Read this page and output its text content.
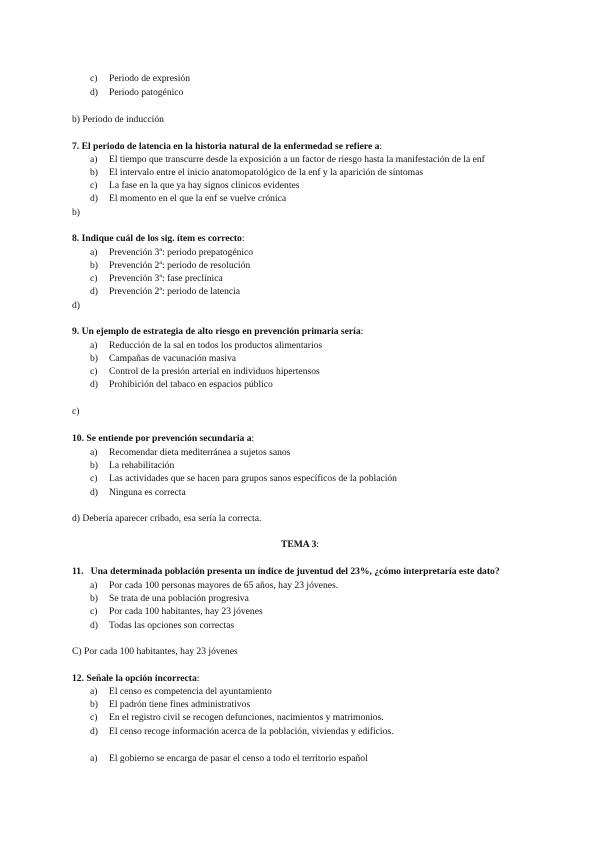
c) Periodo de expresión
d) Periodo patogénico
b) Periodo de inducción
7. El periodo de latencia en la historia natural de la enfermedad se refiere a:
a) El tiempo que transcurre desde la exposición a un factor de riesgo hasta la manifestación de la enf
b) El intervalo entre el inicio anatomopatológico de la enf y la aparición de síntomas
c) La fase en la que ya hay signos clínicos evidentes
d) El momento en el que la enf se vuelve crónica
b)
8. Indique cuál de los sig. ítem es correcto:
a) Prevención 3ª: periodo prepatogénico
b) Prevención 2ª: periodo de resolución
c) Prevención 3ª: fase preclínica
d) Prevención 2ª: periodo de latencia
d)
9. Un ejemplo de estrategia de alto riesgo en prevención primaria sería:
a) Reducción de la sal en todos los productos alimentarios
b) Campañas de vacunación masiva
c) Control de la presión arterial en individuos hipertensos
d) Prohibición del tabaco en espacios público
c)
10. Se entiende por prevención secundaria a:
a) Recomendar dieta mediterránea a sujetos sanos
b) La rehabilitación
c) Las actividades que se hacen para grupos sanos específicos de la población
d) Ninguna es correcta
d) Debería aparecer cribado, esa sería la correcta.
TEMA 3:
11.   Una determinada población presenta un índice de juventud del 23%, ¿cómo interpretaría este dato?
a) Por cada 100 personas mayores de 65 años, hay 23 jóvenes.
b) Se trata de una población progresiva
c) Por cada 100 habitantes, hay 23 jóvenes
d) Todas las opciones son correctas
C) Por cada 100 habitantes, hay 23 jóvenes
12. Señale la opción incorrecta:
a) El censo es competencia del ayuntamiento
b) El padrón tiene fines administrativos
c) En el registro civil se recogen defunciones, nacimientos y matrimonios.
d) El censo recoge información acerca de la población, viviendas y edificios.
a) El gobierno se encarga de pasar el censo a todo el territorio español
